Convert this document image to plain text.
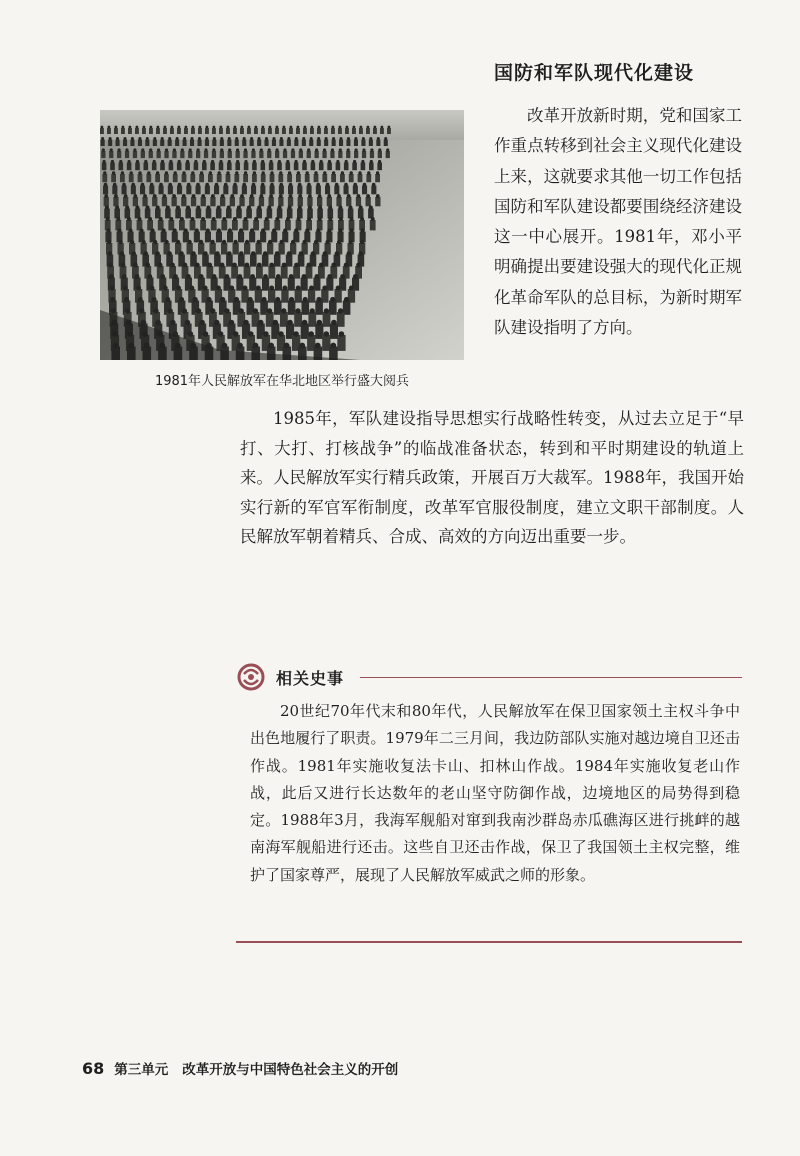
国防和军队现代化建设
1981年人民解放军在华北地区举行盛大阅兵

改革开放新时期，党和国家工作重点转移到社会主义现代化建设上来，这就要求其他一切工作包括国防和军队建设都要围绕经济建设这一中心展开。1981年，邓小平明确提出要建设强大的现代化正规化革命军队的总目标，为新时期军队建设指明了方向。

1985年，军队建设指导思想实行战略性转变，从过去立足于“早打、大打、打核战争”的临战准备状态，转到和平时期建设的轨道上来。人民解放军实行精兵政策，开展百万大裁军。1988年，我国开始实行新的军官军衔制度，改革军官服役制度，建立文职干部制度。人民解放军朝着精兵、合成、高效的方向迈出重要一步。

相关史事

20世纪70年代末和80年代，人民解放军在保卫国家领土主权斗争中出色地履行了职责。1979年二三月间，我边防部队实施对越边境自卫还击作战。1981年实施收复法卡山、扣林山作战。1984年实施收复老山作战，此后又进行长达数年的老山坚守防御作战，边境地区的局势得到稳定。1988年3月，我海军舰船对窜到我南沙群岛赤瓜礁海区进行挑衅的越南海军舰船进行还击。这些自卫还击作战，保卫了我国领土主权完整，维护了国家尊严，展现了人民解放军威武之师的形象。

68 第三单元 改革开放与中国特色社会主义的开创
